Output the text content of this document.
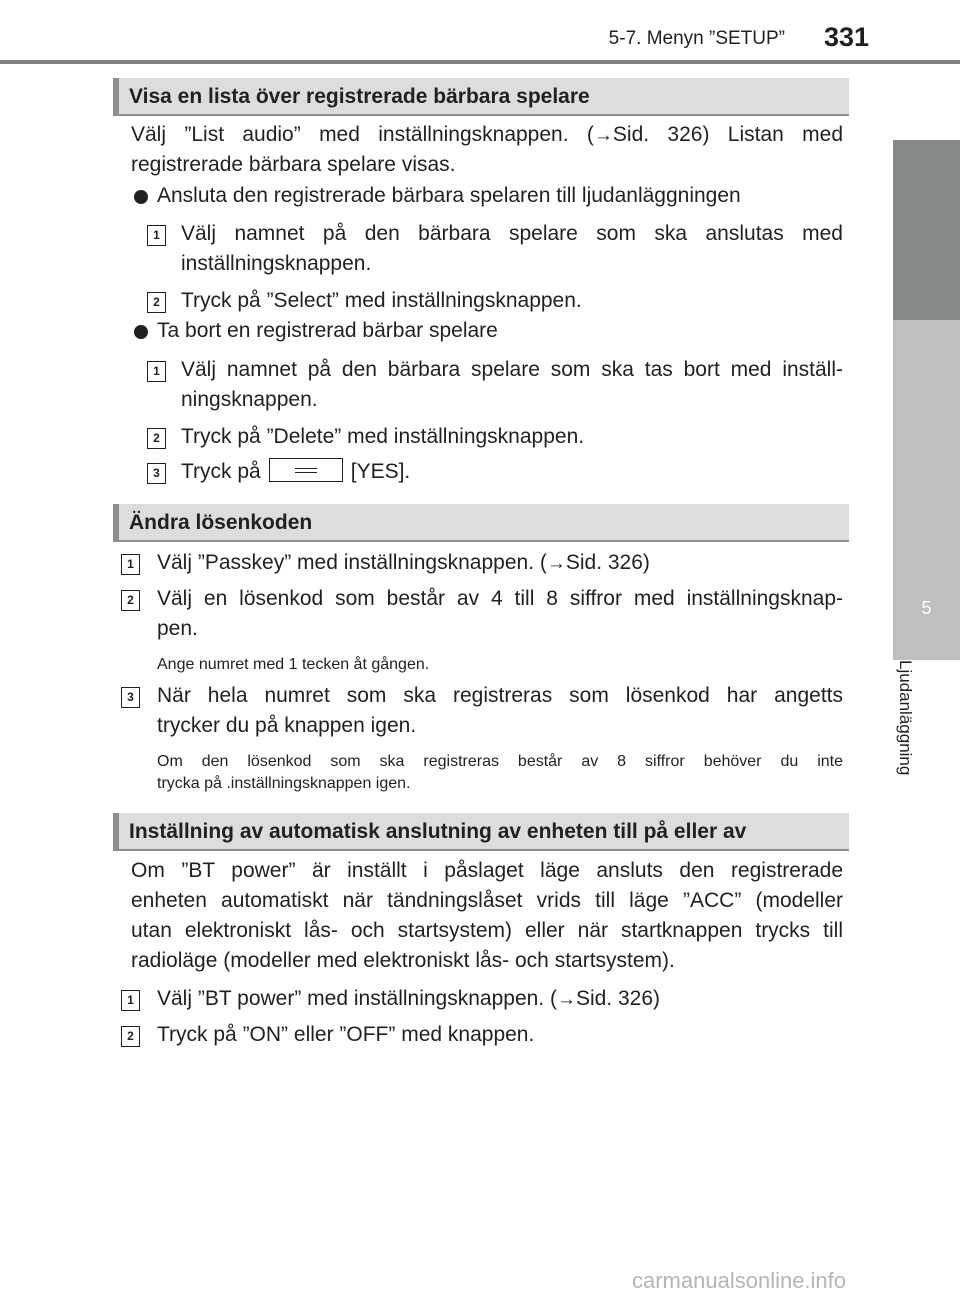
5-7. Menyn ”SETUP” 331
5
Ljudanläggning
Visa en lista över registrerade bärbara spelare
Välj ”List audio” med inställningsknappen. (→Sid. 326) Listan med
registrerade bärbara spelare visas.
Ansluta den registrerade bärbara spelaren till ljudanläggningen
1 Välj namnet på den bärbara spelare som ska anslutas med
inställningsknappen.
2 Tryck på ”Select” med inställningsknappen.
Ta bort en registrerad bärbar spelare
1 Välj namnet på den bärbara spelare som ska tas bort med inställ-
ningsknappen.
2 Tryck på ”Delete” med inställningsknappen.
3 Tryck på	[YES].
Ändra lösenkoden
1 Välj ”Passkey” med inställningsknappen. (→Sid. 326)
2 Välj en lösenkod som består av 4 till 8 siffror med inställningsknap-
pen.
Ange numret med 1 tecken åt gången.
3 När hela numret som ska registreras som lösenkod har angetts
trycker du på knappen igen.
Om den lösenkod som ska registreras består av 8 siffror behöver du inte
trycka på .inställningsknappen igen.
Inställning av automatisk anslutning av enheten till på eller av
Om ”BT power” är inställt i påslaget läge ansluts den registrerade
enheten automatiskt när tändningslåset vrids till läge ”ACC” (modeller
utan elektroniskt lås- och startsystem) eller när startknappen trycks till
radioläge (modeller med elektroniskt lås- och startsystem).
1 Välj ”BT power” med inställningsknappen. (→Sid. 326)
2 Tryck på ”ON” eller ”OFF” med knappen.
carmanualsonline.info
